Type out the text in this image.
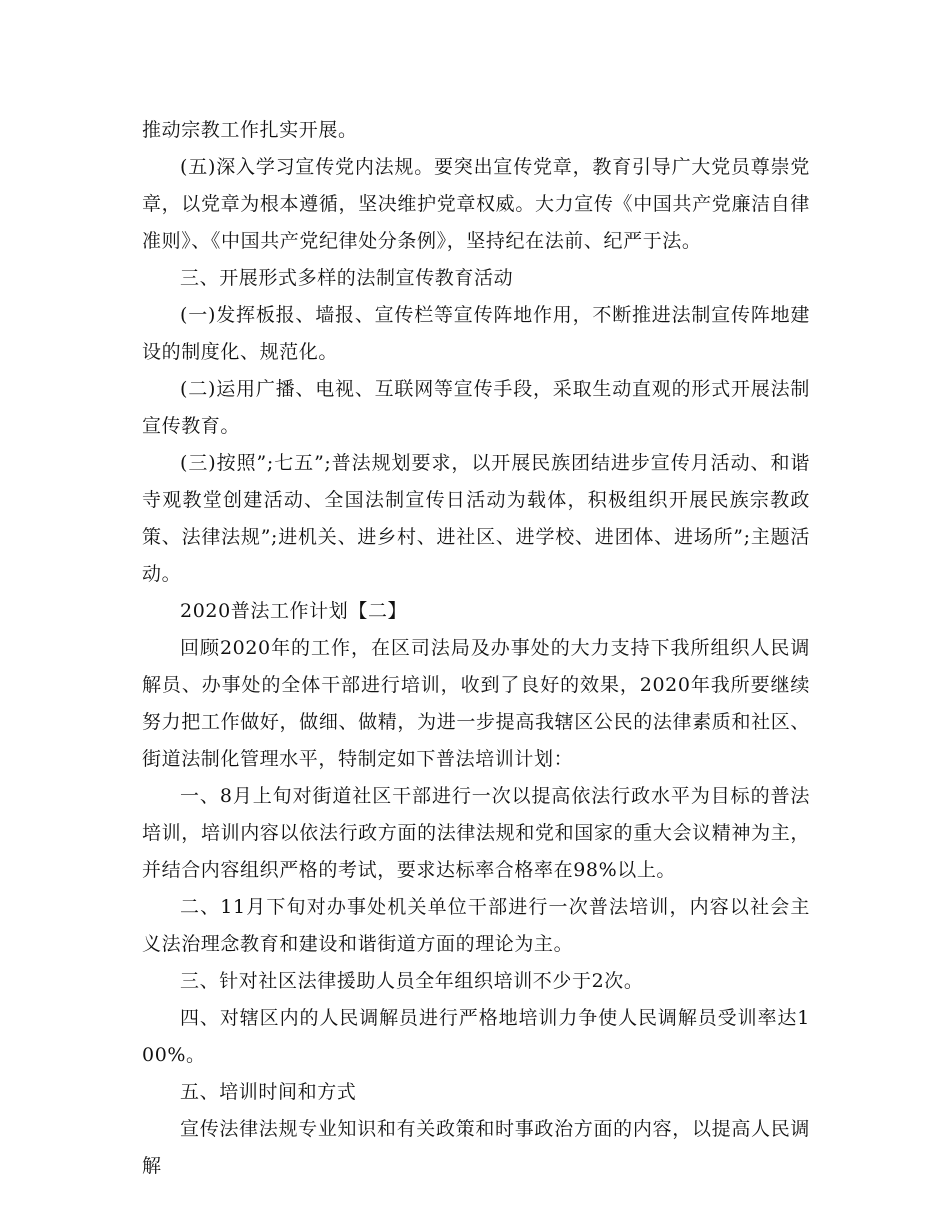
推动宗教工作扎实开展。

(五)深入学习宣传党内法规。要突出宣传党章，教育引导广大党员尊崇党章，以党章为根本遵循，坚决维护党章权威。大力宣传《中国共产党廉洁自律准则》、《中国共产党纪律处分条例》，坚持纪在法前、纪严于法。

三、开展形式多样的法制宣传教育活动

(一)发挥板报、墙报、宣传栏等宣传阵地作用，不断推进法制宣传阵地建设的制度化、规范化。

(二)运用广播、电视、互联网等宣传手段，采取生动直观的形式开展法制宣传教育。

(三)按照”;七五”;普法规划要求，以开展民族团结进步宣传月活动、和谐寺观教堂创建活动、全国法制宣传日活动为载体，积极组织开展民族宗教政策、法律法规”;进机关、进乡村、进社区、进学校、进团体、进场所”;主题活动。

2020普法工作计划【二】

回顾2020年的工作，在区司法局及办事处的大力支持下我所组织人民调解员、办事处的全体干部进行培训，收到了良好的效果，2020年我所要继续努力把工作做好，做细、做精，为进一步提高我辖区公民的法律素质和社区、街道法制化管理水平，特制定如下普法培训计划：

一、8月上旬对街道社区干部进行一次以提高依法行政水平为目标的普法培训，培训内容以依法行政方面的法律法规和党和国家的重大会议精神为主，并结合内容组织严格的考试，要求达标率合格率在98%以上。

二、11月下旬对办事处机关单位干部进行一次普法培训，内容以社会主义法治理念教育和建设和谐街道方面的理论为主。

三、针对社区法律援助人员全年组织培训不少于2次。

四、对辖区内的人民调解员进行严格地培训力争使人民调解员受训率达100%。

五、培训时间和方式

宣传法律法规专业知识和有关政策和时事政治方面的内容，以提高人民调解
